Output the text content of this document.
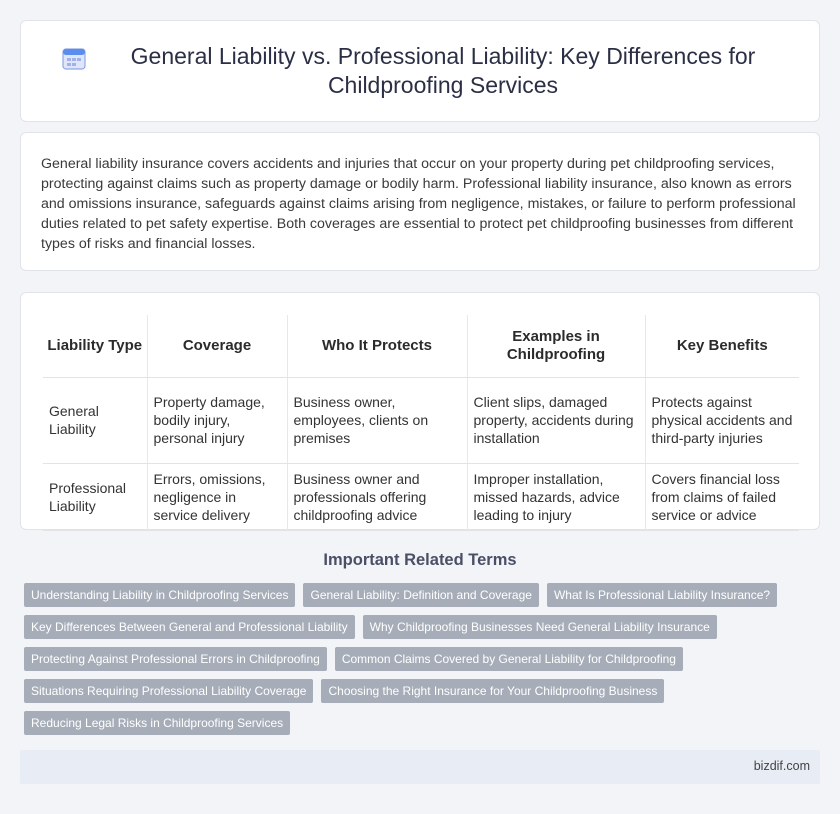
General Liability vs. Professional Liability: Key Differences for Childproofing Services

General liability insurance covers accidents and injuries that occur on your property during pet childproofing services, protecting against claims such as property damage or bodily harm. Professional liability insurance, also known as errors and omissions insurance, safeguards against claims arising from negligence, mistakes, or failure to perform professional duties related to pet safety expertise. Both coverages are essential to protect pet childproofing businesses from different types of risks and financial losses.

Liability Type	Coverage	Who It Protects	Examples in Childproofing	Key Benefits
General Liability	Property damage, bodily injury, personal injury	Business owner, employees, clients on premises	Client slips, damaged property, accidents during installation	Protects against physical accidents and third-party injuries
Professional Liability	Errors, omissions, negligence in service delivery	Business owner and professionals offering childproofing advice	Improper installation, missed hazards, advice leading to injury	Covers financial loss from claims of failed service or advice
Important Related Terms
Understanding Liability in Childproofing Services	General Liability: Definition and Coverage	What Is Professional Liability Insurance?
Key Differences Between General and Professional Liability	Why Childproofing Businesses Need General Liability Insurance
Protecting Against Professional Errors in Childproofing	Common Claims Covered by General Liability for Childproofing
Situations Requiring Professional Liability Coverage	Choosing the Right Insurance for Your Childproofing Business
Reducing Legal Risks in Childproofing Services
bizdif.com
